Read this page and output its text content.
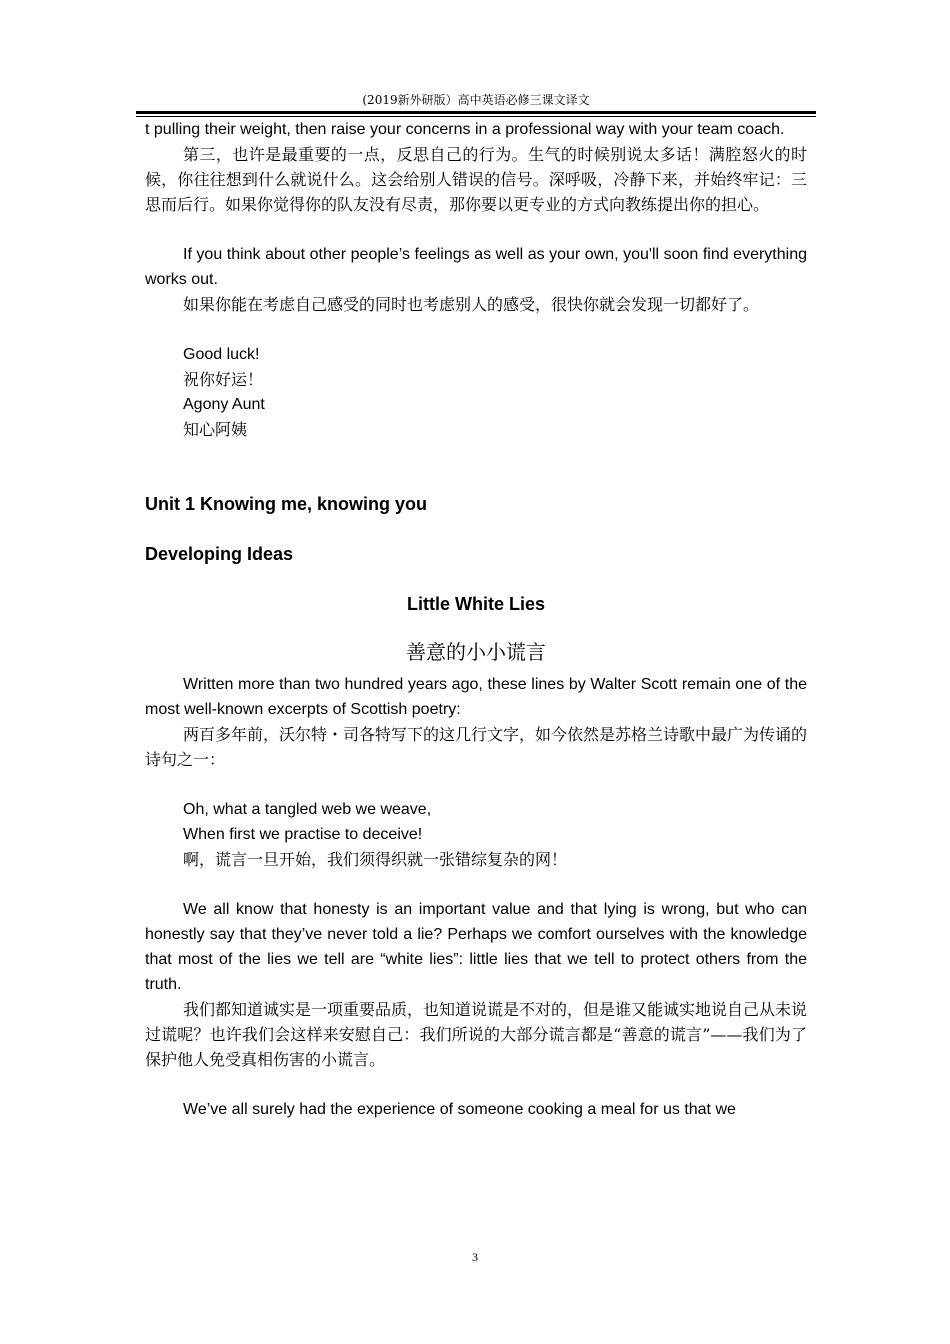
(2019新外研版）高中英语必修三课文译文

t pulling their weight, then raise your concerns in a professional way with your team coach.

第三，也许是最重要的一点，反思自己的行为。生气的时候别说太多话！满腔怒火的时候，你往往想到什么就说什么。这会给别人错误的信号。深呼吸，冷静下来，并始终牢记：三思而后行。如果你觉得你的队友没有尽责，那你要以更专业的方式向教练提出你的担心。

If you think about other people’s feelings as well as your own, you'll soon find everything works out.

如果你能在考虑自己感受的同时也考虑别人的感受，很快你就会发现一切都好了。

Good luck!

祝你好运！

Agony Aunt

知心阿姨

Unit 1 Knowing me, knowing you

Developing Ideas

Little White Lies

善意的小小谎言

Written more than two hundred years ago, these lines by Walter Scott remain one of the most well-known excerpts of Scottish poetry:

两百多年前，沃尔特・司各特写下的这几行文字，如今依然是苏格兰诗歌中最广为传诵的诗句之一：

Oh, what a tangled web we weave,

When first we practise to deceive!

啊，谎言一旦开始，我们须得织就一张错综复杂的网！

We all know that honesty is an important value and that lying is wrong, but who can honestly say that they’ve never told a lie? Perhaps we comfort ourselves with the knowledge that most of the lies we tell are “white lies”: little lies that we tell to protect others from the truth.

我们都知道诚实是一项重要品质，也知道说谎是不对的，但是谁又能诚实地说自己从未说过谎呢？也许我们会这样来安慰自己：我们所说的大部分谎言都是“善意的谎言”——我们为了保护他人免受真相伤害的小谎言。

We’ve all surely had the experience of someone cooking a meal for us that we

3
